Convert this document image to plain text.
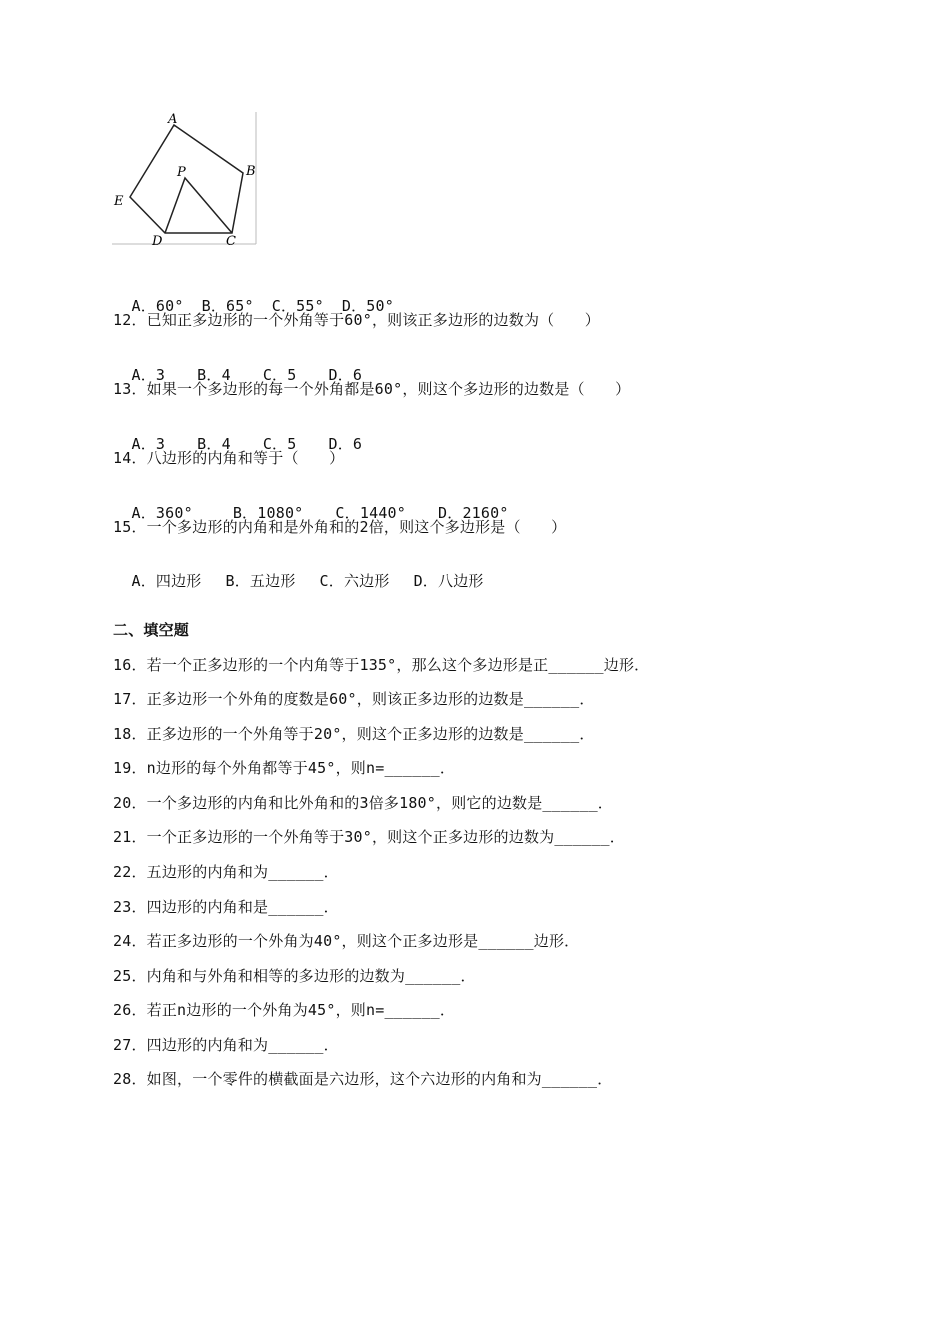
A
B
C
D
E
P

A．60° B．65° C．55° D．50°

12．已知正多边形的一个外角等于60°，则该正多边形的边数为（　　）

A．3 B．4 C．5 D．6

13．如果一个多边形的每一个外角都是60°，则这个多边形的边数是（　　）

A．3 B．4 C．5 D．6

14．八边形的内角和等于（　　）

A．360°	B．1080° C．1440° D．2160°

15．一个多边形的内角和是外角和的2倍，则这个多边形是（　　）

A．四边形 B．五边形 C．六边形 D．八边形

二、填空题
16．若一个正多边形的一个内角等于135°，那么这个多边形是正______边形．
17．正多边形一个外角的度数是60°，则该正多边形的边数是______．
18．正多边形的一个外角等于20°，则这个正多边形的边数是______．
19．n边形的每个外角都等于45°，则n=______．
20．一个多边形的内角和比外角和的3倍多180°，则它的边数是______．
21．一个正多边形的一个外角等于30°，则这个正多边形的边数为______．
22．五边形的内角和为______．
23．四边形的内角和是______．
24．若正多边形的一个外角为40°，则这个正多边形是______边形．
25．内角和与外角和相等的多边形的边数为______．
26．若正n边形的一个外角为45°，则n=______．
27．四边形的内角和为______．
28．如图，一个零件的横截面是六边形，这个六边形的内角和为______．
